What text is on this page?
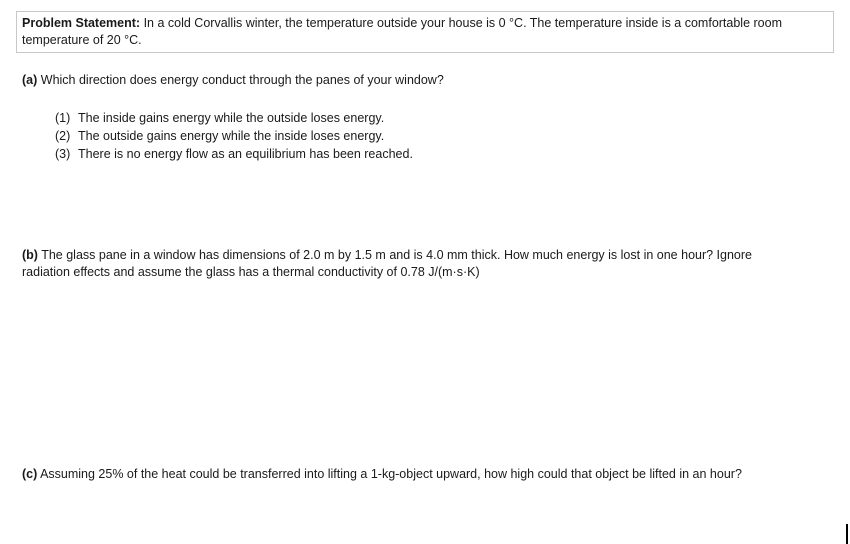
Problem Statement: In a cold Corvallis winter, the temperature outside your house is 0 °C. The temperature inside is a comfortable room
temperature of 20 °C.

(a) Which direction does energy conduct through the panes of your window?

(1) The inside gains energy while the outside loses energy.
(2) The outside gains energy while the inside loses energy.
(3) There is no energy flow as an equilibrium has been reached.

(b) The glass pane in a window has dimensions of 2.0 m by 1.5 m and is 4.0 mm thick. How much energy is lost in one hour? Ignore
radiation effects and assume the glass has a thermal conductivity of 0.78 J/(m·s·K)

(c) Assuming 25% of the heat could be transferred into lifting a 1-kg-object upward, how high could that object be lifted in an hour?
